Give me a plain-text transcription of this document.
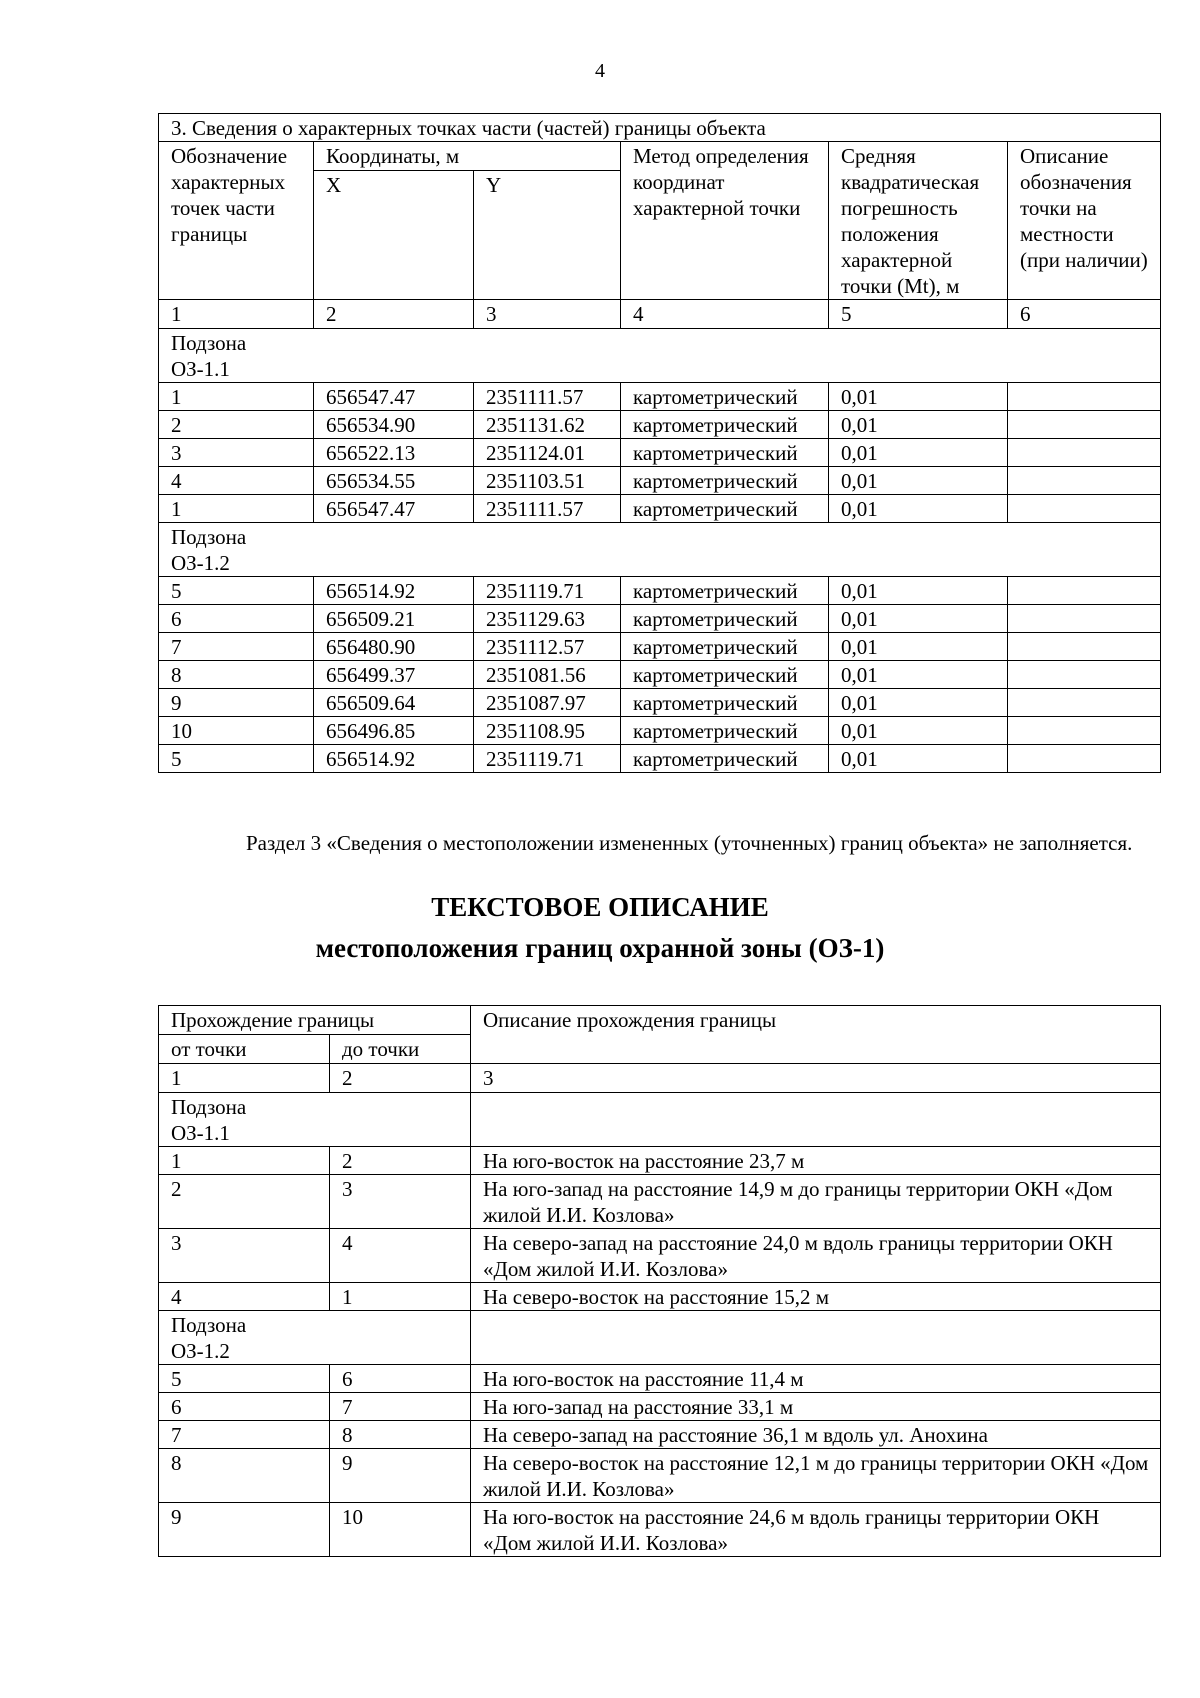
4
3. Сведения о характерных точках части (частей) границы объекта					
Обозначение характерных точек части границы	Координаты, м		Метод определения координат характерной точки	Средняя квадратическая погрешность положения характерной точки (Mt), м	Описание обозначения точки на местности (при наличии)
	X	Y			
1	2	3	4	5	6

Подзона ОЗ-1.1					

1	656547.47	2351111.57	картометрический	0,01	
2	656534.90	2351131.62	картометрический	0,01	
3	656522.13	2351124.01	картометрический	0,01	
4	656534.55	2351103.51	картометрический	0,01	
1	656547.47	2351111.57	картометрический	0,01	

Подзона ОЗ-1.2					

5	656514.92	2351119.71	картометрический	0,01	
6	656509.21	2351129.63	картометрический	0,01	
7	656480.90	2351112.57	картометрический	0,01	
8	656499.37	2351081.56	картометрический	0,01	
9	656509.64	2351087.97	картометрический	0,01	
10	656496.85	2351108.95	картометрический	0,01	
5	656514.92	2351119.71	картометрический	0,01	
Раздел 3 «Сведения о местоположении измененных (уточненных) границ объекта» не заполняется.
ТЕКСТОВОЕ ОПИСАНИЕ
местоположения границ охранной зоны (ОЗ-1)
Прохождение границы		Описание прохождения границы
от точки	до точки	
1	2	3

Подзона ОЗ-1.1		

1	2	На юго-восток на расстояние 23,7 м
2	3	На юго-запад на расстояние 14,9 м до границы территории ОКН «Дом жилой И.И. Козлова»
3	4	На северо-запад на расстояние 24,0 м вдоль границы территории ОКН «Дом жилой И.И. Козлова»
4	1	На северо-восток на расстояние 15,2 м

Подзона ОЗ-1.2		

5	6	На юго-восток на расстояние 11,4 м
6	7	На юго-запад на расстояние 33,1 м
7	8	На северо-запад на расстояние 36,1 м вдоль ул. Анохина
8	9	На северо-восток на расстояние 12,1 м до границы территории ОКН «Дом жилой И.И. Козлова»
9	10	На юго-восток на расстояние 24,6 м вдоль границы территории ОКН «Дом жилой И.И. Козлова»
